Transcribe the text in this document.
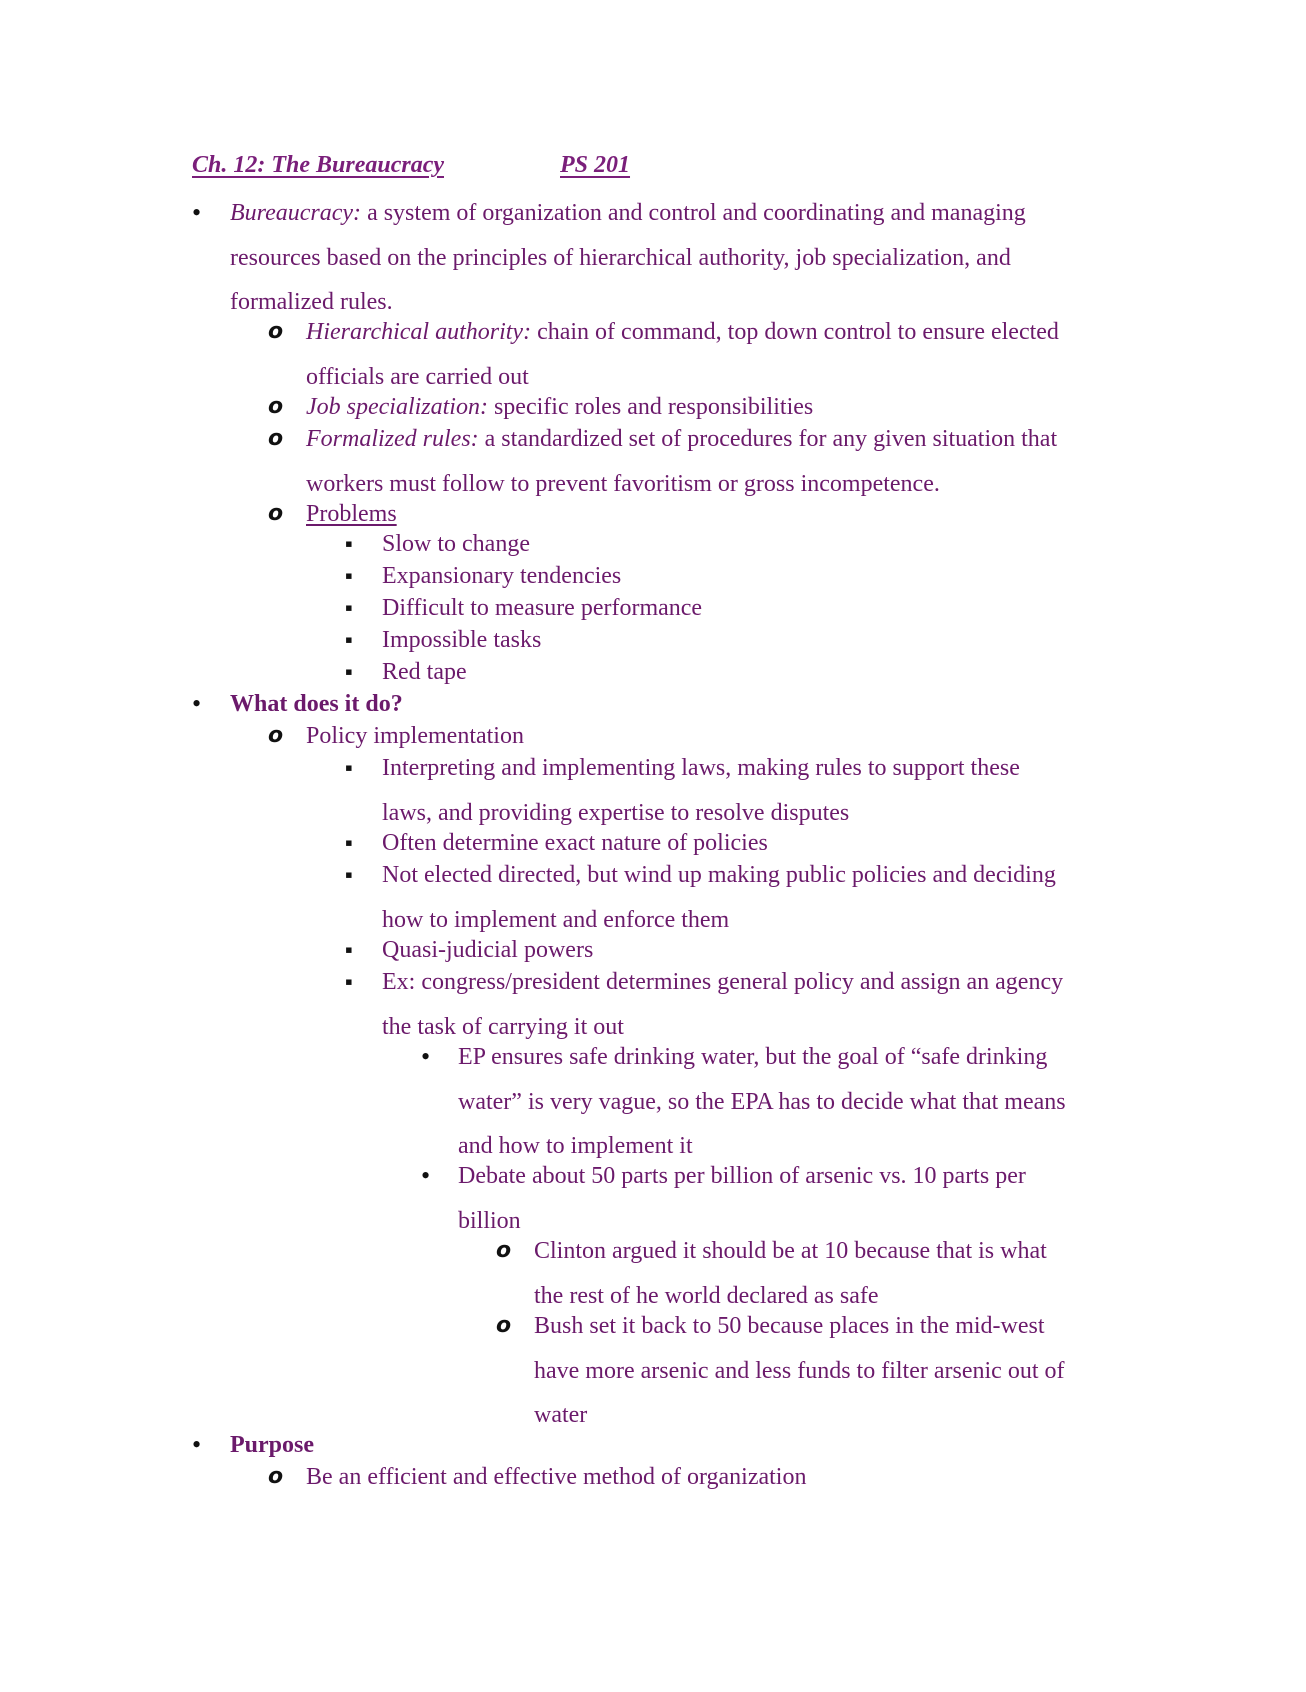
Ch. 12: The Bureaucracy	PS 201
•
Bureaucracy: a system of organization and control and coordinating and managing
resources based on the principles of hierarchical authority, job specialization, and
formalized rules.
o Hierarchical authority: chain of command, top down control to ensure elected
officials are carried out
o Job specialization: specific roles and responsibilities
o Formalized rules: a standardized set of procedures for any given situation that
workers must follow to prevent favoritism or gross incompetence.
o Problems
▪
Slow to change
▪
Expansionary tendencies
▪
Difficult to measure performance
▪
Impossible tasks
▪
Red tape
•
What does it do?
o Policy implementation
▪
Interpreting and implementing laws, making rules to support these
laws, and providing expertise to resolve disputes
▪
Often determine exact nature of policies
▪
Not elected directed, but wind up making public policies and deciding
how to implement and enforce them
▪
Quasi-judicial powers
▪
Ex: congress/president determines general policy and assign an agency
the task of carrying it out
•
EP ensures safe drinking water, but the goal of “safe drinking
water” is very vague, so the EPA has to decide what that means
and how to implement it
•
Debate about 50 parts per billion of arsenic vs. 10 parts per
billion
o Clinton argued it should be at 10 because that is what
the rest of he world declared as safe
o Bush set it back to 50 because places in the mid-west
have more arsenic and less funds to filter arsenic out of
water
•
Purpose
o Be an efficient and effective method of organization
